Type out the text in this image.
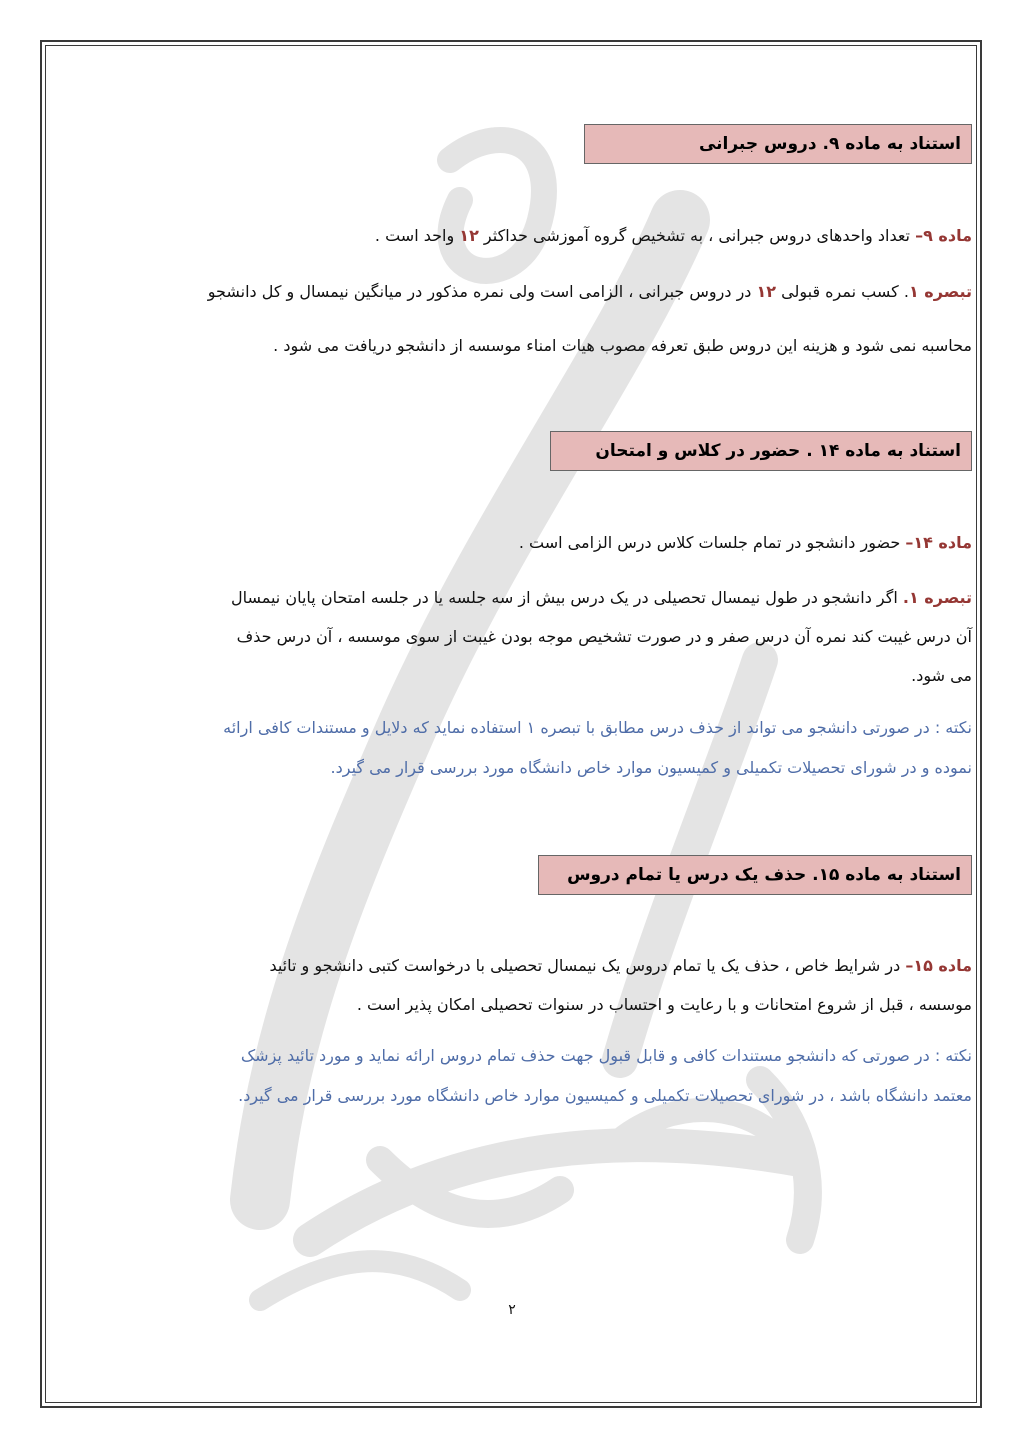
استناد به ماده ۹. دروس جبرانی

ماده ۹– تعداد واحدهای دروس جبرانی ، به تشخیص گروه آموزشی حداکثر ۱۲ واحد است .

تبصره ۱. کسب نمره قبولی ۱۲ در دروس جبرانی ، الزامی است ولی نمره مذکور در میانگین نیمسال و کل دانشجو

محاسبه نمی شود و هزینه این دروس طبق تعرفه مصوب هیات امناء موسسه از دانشجو دریافت می شود .

استناد به ماده ۱۴ . حضور در کلاس و امتحان

ماده ۱۴– حضور دانشجو در تمام جلسات کلاس درس الزامی است .

تبصره ۱. اگر دانشجو در طول نیمسال تحصیلی در یک درس بیش از سه جلسه یا در جلسه امتحان پایان نیمسال

آن درس غیبت کند نمره آن درس صفر و در صورت تشخیص موجه بودن غیبت از سوی موسسه ، آن درس حذف

می شود.

نکته : در صورتی دانشجو می تواند از حذف درس مطابق با تبصره ۱ استفاده نماید که دلایل و مستندات کافی ارائه

نموده و در شورای تحصیلات تکمیلی و کمیسیون موارد خاص دانشگاه مورد بررسی قرار می گیرد.

استناد به ماده ۱۵. حذف یک درس یا تمام دروس

ماده ۱۵– در شرایط خاص ، حذف یک یا تمام دروس یک نیمسال تحصیلی با درخواست کتبی دانشجو و تائید

موسسه ، قبل از شروع امتحانات و با رعایت و احتساب در سنوات تحصیلی امکان پذیر است .

نکته : در صورتی که دانشجو مستندات کافی و قابل قبول جهت حذف تمام دروس ارائه نماید و مورد تائید پزشک

معتمد دانشگاه باشد ، در شورای تحصیلات تکمیلی و کمیسیون موارد خاص دانشگاه مورد بررسی قرار می گیرد.

۲
